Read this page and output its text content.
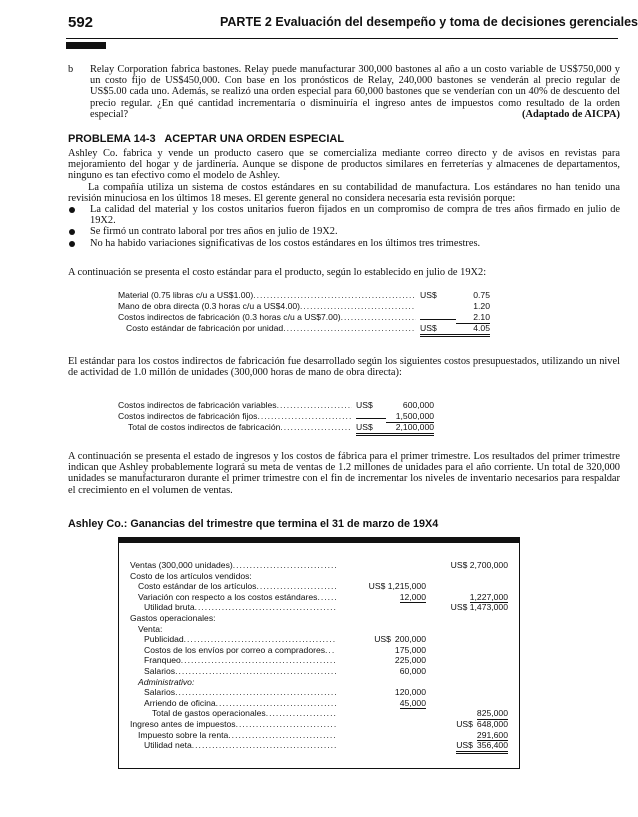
592	PARTE 2 Evaluación del desempeño y toma de decisiones gerenciales
b	Relay Corporation fabrica bastones. Relay puede manufacturar 300,000 bastones al año a un costo variable de US$750,000 y un costo fijo de US$450,000. Con base en los pronósticos de Relay, 240,000 bastones se venderán al precio regular de US$5.00 cada uno. Además, se realizó una orden especial para 60,000 bastones que se venderían con un 40% de descuento del precio regular. ¿En qué cantidad incrementaría o disminuiría el ingreso antes de impuestos como resultado de la orden especial?	(Adaptado de AICPA)
PROBLEMA 14-3   ACEPTAR UNA ORDEN ESPECIAL

Ashley Co. fabrica y vende un producto casero que se comercializa mediante correo directo y de avisos en revistas para mejoramiento del hogar y de jardinería. Aunque se dispone de productos similares en ferreterías y almacenes de departamentos, ninguno es tan efectivo como el modelo de Ashley.

La compañía utiliza un sistema de costos estándares en su contabilidad de manufactura. Los estándares no han tenido una revisión minuciosa en los últimos 18 meses. El gerente general no considera necesaria esta revisión porque:

La calidad del material y los costos unitarios fueron fijados en un compromiso de compra de tres años firmado en julio de 19X2.
Se firmó un contrato laboral por tres años en julio de 19X2.
No ha habido variaciones significativas de los costos estándares en los últimos tres trimestres.
A continuación se presenta el costo estándar para el producto, según lo establecido en julio de 19X2:
Material (0.75 libras c/u a US$1.00) .....	US$	0.75
Mano de obra directa (0.3 horas c/u a US$4.00) .....	1.20
Costos indirectos de fabricación (0.3 horas c/u a US$7.00) .....	2.10
Costo estándar de fabricación por unidad .....	US$	4.05
El estándar para los costos indirectos de fabricación fue desarrollado según los siguientes costos presupuestados, utilizando un nivel de actividad de 1.0 millón de unidades (300,000 horas de mano de obra directa):
Costos indirectos de fabricación variables .....	US$	600,000
Costos indirectos de fabricación fijos .....	1,500,000
Total de costos indirectos de fabricación .....	US$	2,100,000
A continuación se presenta el estado de ingresos y los costos de fábrica para el primer trimestre. Los resultados del primer trimestre indican que Ashley probablemente logrará su meta de ventas de 1.2 millones de unidades para el año corriente. Un total de 320,000 unidades se manufacturaron durante el primer trimestre con el fin de incrementar los niveles de inventario necesarios para respaldar el crecimiento en el volumen de ventas.
Ashley Co.: Ganancias del trimestre que termina el 31 de marzo de 19X4
Ventas (300,000 unidades) .....	US$ 2,700,000
Costo de los artículos vendidos:
Costo estándar de los artículos .....	US$ 1,215,000
Variación con respecto a los costos estándares .....	12,000	1,227,000
Utilidad bruta .....	US$ 1,473,000
Gastos operacionales:
Venta:
Publicidad .....	US$ 200,000
Costos de los envíos por correo a compradores .....	175,000
Franqueo .....	225,000
Salarios .....	60,000
Administrativo:
Salarios .....	120,000
Arriendo de oficina .....	45,000
Total de gastos operacionales .....	825,000
Ingreso antes de impuestos .....	US$ 648,000
Impuesto sobre la renta .....	291,600
Utilidad neta .....	US$ 356,400
